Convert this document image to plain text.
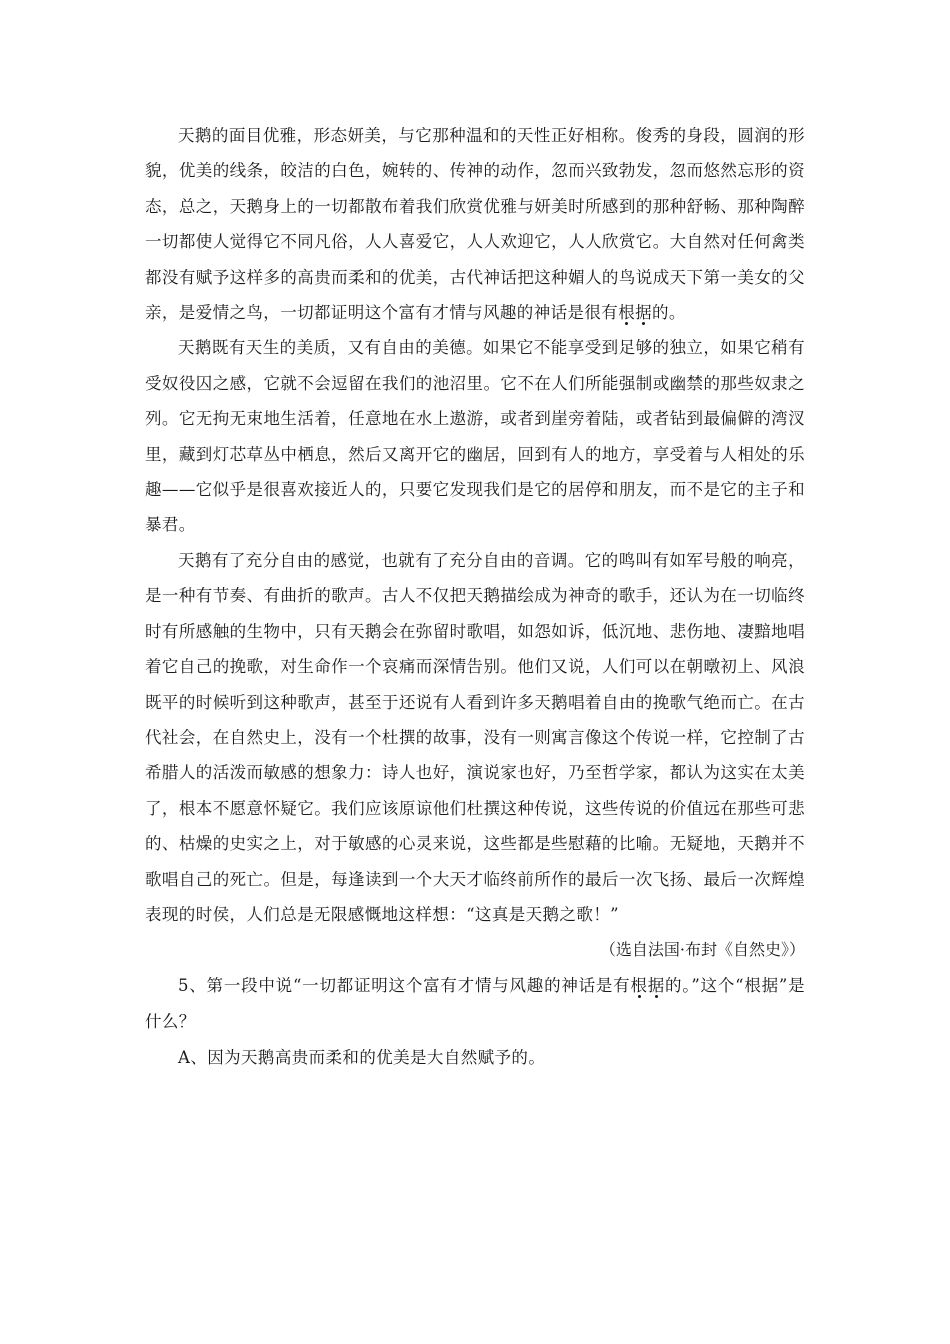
天鹅的面目优雅，形态妍美，与它那种温和的天性正好相称。俊秀的身段，圆润的形貌，优美的线条，皎洁的白色，婉转的、传神的动作，忽而兴致勃发，忽而悠然忘形的资态，总之，天鹅身上的一切都散布着我们欣赏优雅与妍美时所感到的那种舒畅、那种陶醉一切都使人觉得它不同凡俗，人人喜爱它，人人欢迎它，人人欣赏它。大自然对任何禽类都没有赋予这样多的高贵而柔和的优美，古代神话把这种媚人的鸟说成天下第一美女的父亲，是爱情之鸟，一切都证明这个富有才情与风趣的神话是很有根据的。

天鹅既有天生的美质，又有自由的美德。如果它不能享受到足够的独立，如果它稍有受奴役囚之感，它就不会逗留在我们的池沼里。它不在人们所能强制或幽禁的那些奴隶之列。它无拘无束地生活着，任意地在水上遨游，或者到崖旁着陆，或者钻到最偏僻的湾汊里，藏到灯芯草丛中栖息，然后又离开它的幽居，回到有人的地方，享受着与人相处的乐趣——它似乎是很喜欢接近人的，只要它发现我们是它的居停和朋友，而不是它的主子和暴君。

天鹅有了充分自由的感觉，也就有了充分自由的音调。它的鸣叫有如军号般的响亮，是一种有节奏、有曲折的歌声。古人不仅把天鹅描绘成为神奇的歌手，还认为在一切临终时有所感触的生物中，只有天鹅会在弥留时歌唱，如怨如诉，低沉地、悲伤地、凄黯地唱着它自己的挽歌，对生命作一个哀痛而深情告别。他们又说，人们可以在朝暾初上、风浪既平的时候听到这种歌声，甚至于还说有人看到许多天鹅唱着自由的挽歌气绝而亡。在古代社会，在自然史上，没有一个杜撰的故事，没有一则寓言像这个传说一样，它控制了古希腊人的活泼而敏感的想象力：诗人也好，演说家也好，乃至哲学家，都认为这实在太美了，根本不愿意怀疑它。我们应该原谅他们杜撰这种传说，这些传说的价值远在那些可悲的、枯燥的史实之上，对于敏感的心灵来说，这些都是些慰藉的比喻。无疑地，天鹅并不歌唱自己的死亡。但是，每逢读到一个大天才临终前所作的最后一次飞扬、最后一次辉煌表现的时侯，人们总是无限感慨地这样想：“这真是天鹅之歌！”

（选自法国·布封《自然史》）

5、第一段中说“一切都证明这个富有才情与风趣的神话是有根据的。”这个“根据”是什么？

A、因为天鹅高贵而柔和的优美是大自然赋予的。
